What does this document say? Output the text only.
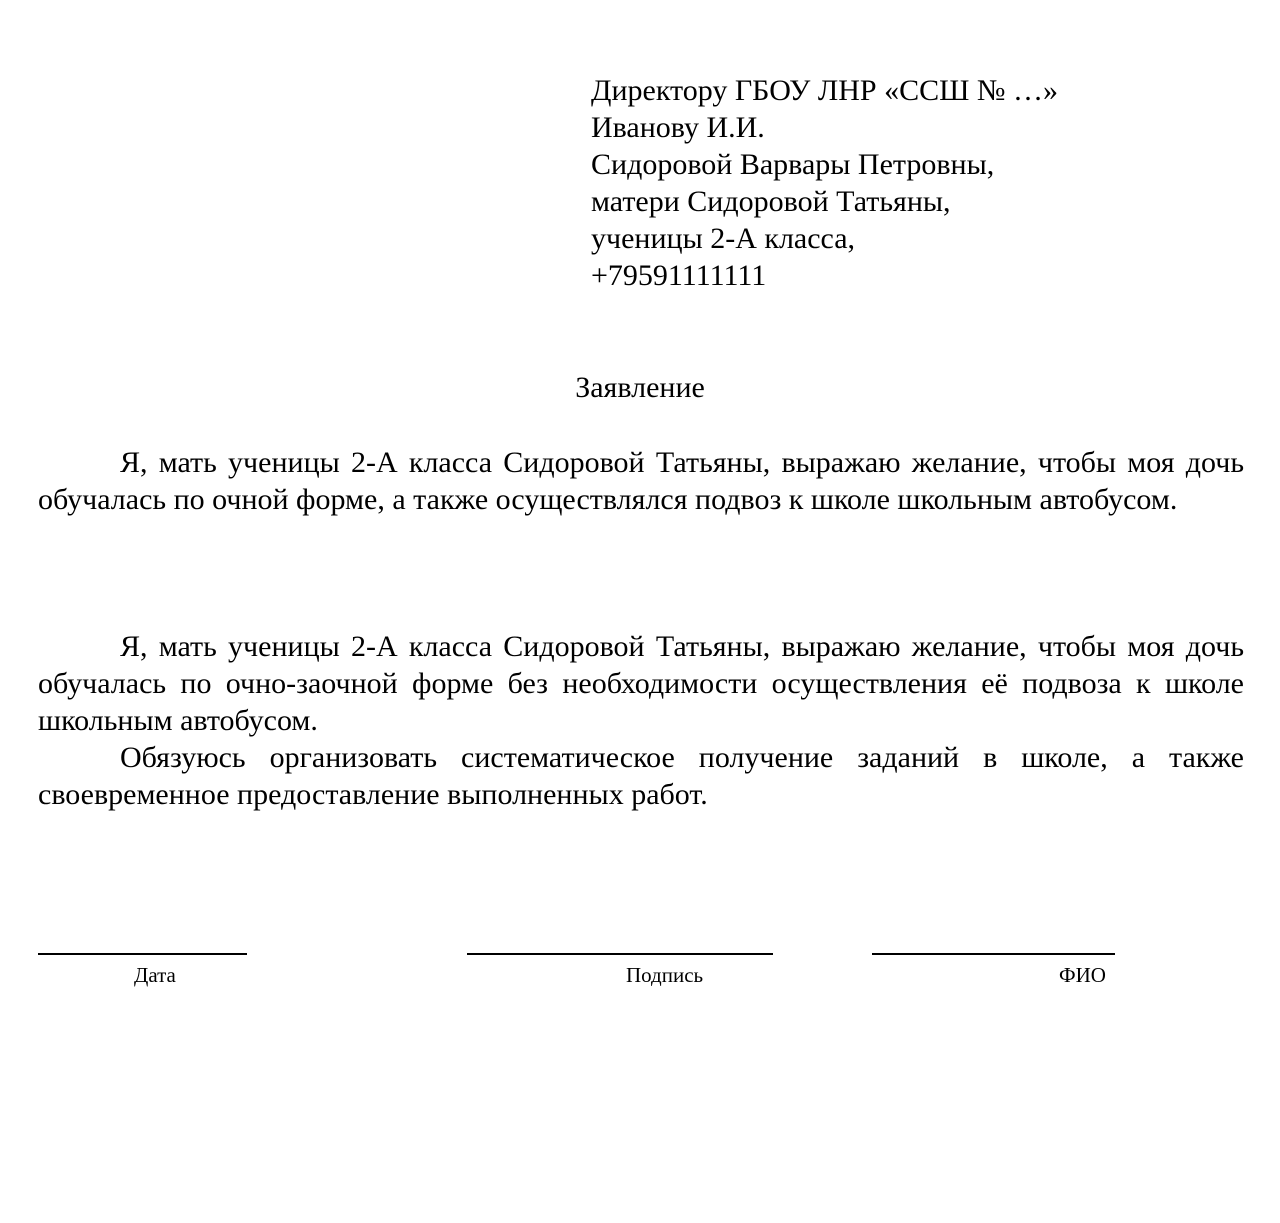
Директору ГБОУ ЛНР «ССШ № …»
Иванову И.И.
Сидоровой Варвары Петровны,
матери Сидоровой Татьяны,
ученицы 2-А класса,
+79591111111
Заявление

Я, мать ученицы 2-А класса Сидоровой Татьяны, выражаю желание, чтобы моя дочь обучалась по очной форме, а также осуществлялся подвоз к школе школьным автобусом.

Я, мать ученицы 2-А класса Сидоровой Татьяны, выражаю желание, чтобы моя дочь обучалась по очно-заочной форме без необходимости осуществления её подвоза к школе школьным автобусом.

Обязуюсь организовать систематическое получение заданий в школе, а также своевременное предоставление выполненных работ.

Дата	Подпись	ФИО
